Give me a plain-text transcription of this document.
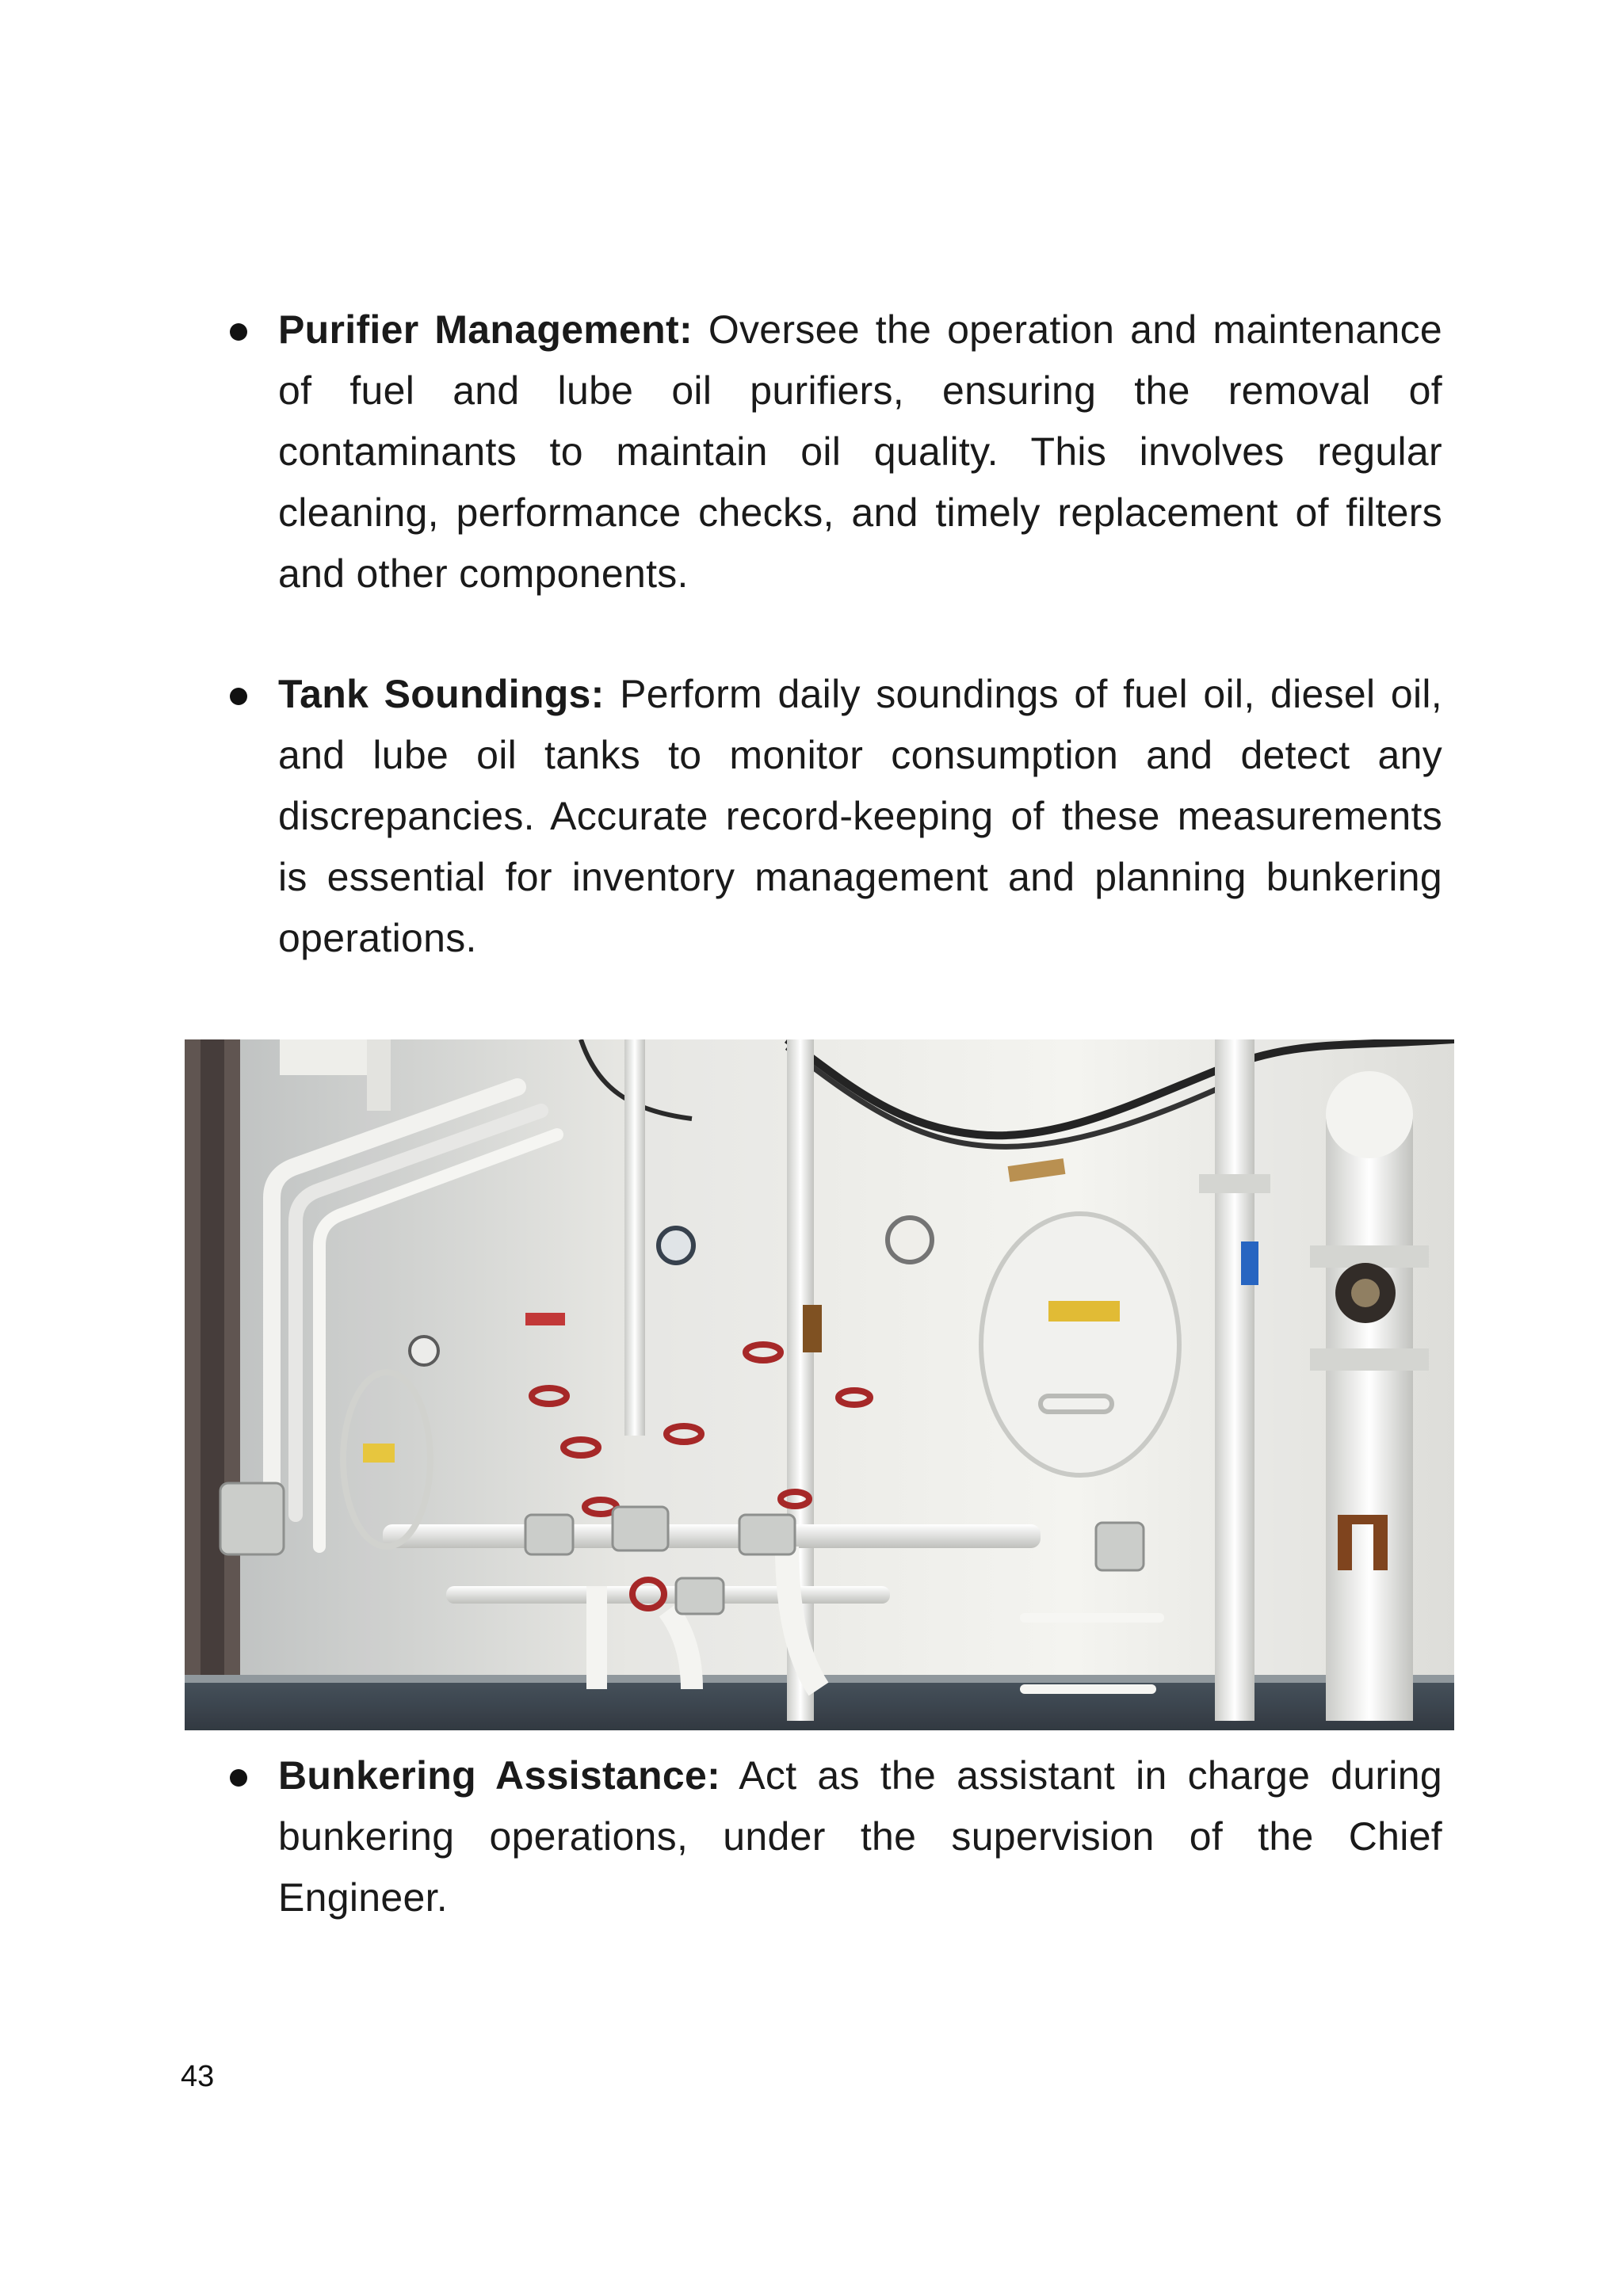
Purifier Management: Oversee the operation and maintenance of fuel and lube oil purifiers, ensuring the removal of contaminants to maintain oil quality. This involves regular cleaning, performance checks, and timely replacement of filters and other components.
Tank Soundings: Perform daily soundings of fuel oil, diesel oil, and lube oil tanks to monitor consumption and detect any discrepancies. Accurate record-keeping of these measurements is essential for inventory management and planning bunkering operations.
Bunkering Assistance: Act as the assistant in charge during bunkering operations, under the supervision of the Chief Engineer.
43
